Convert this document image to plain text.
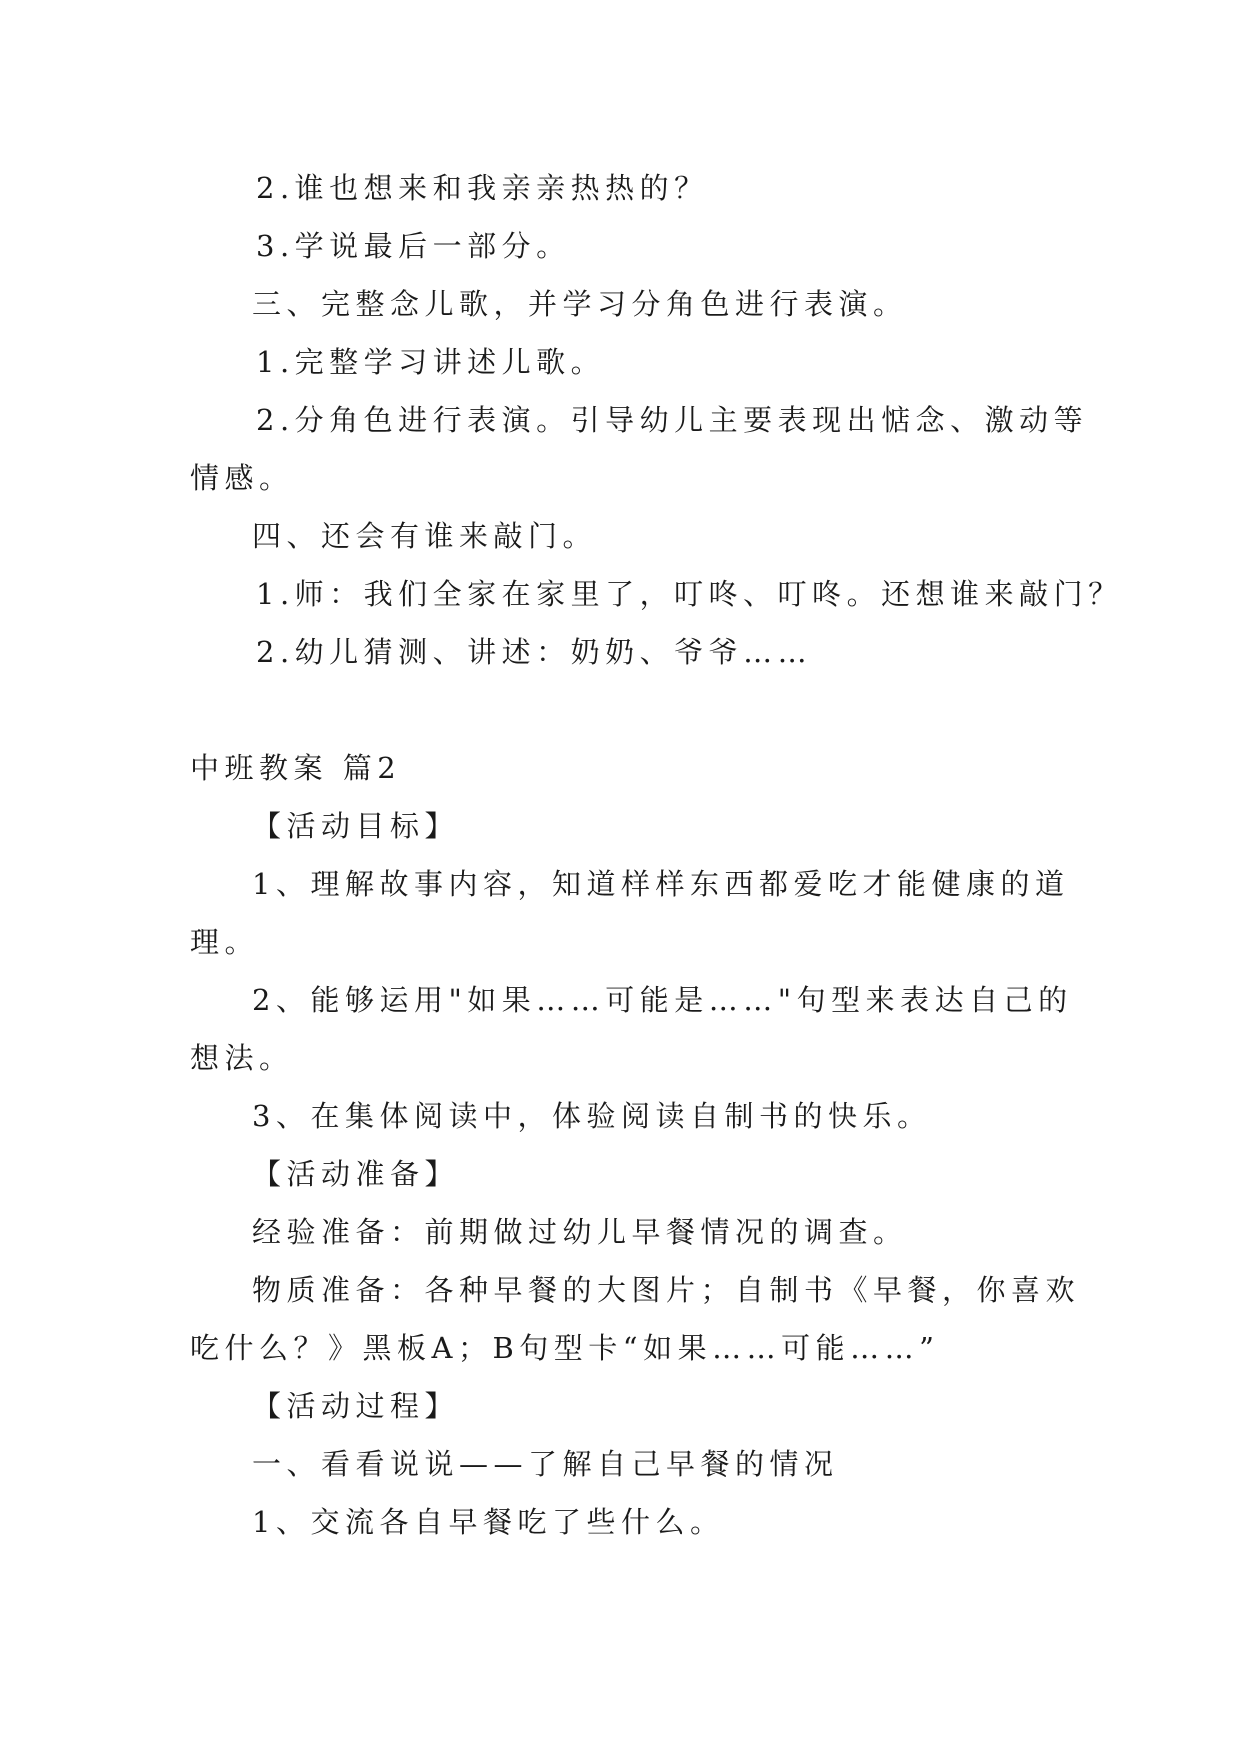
2.谁也想来和我亲亲热热的？
3.学说最后一部分。
三、完整念儿歌，并学习分角色进行表演。
1.完整学习讲述儿歌。
2.分角色进行表演。引导幼儿主要表现出惦念、激动等
情感。
四、还会有谁来敲门。
1.师：我们全家在家里了，叮咚、叮咚。还想谁来敲门？
2.幼儿猜测、讲述：奶奶、爷爷……
中班教案 篇2
【活动目标】
1、理解故事内容，知道样样东西都爱吃才能健康的道
理。
2、能够运用"如果……可能是……"句型来表达自己的
想法。
3、在集体阅读中，体验阅读自制书的快乐。
【活动准备】
经验准备：前期做过幼儿早餐情况的调查。
物质准备：各种早餐的大图片；自制书《早餐，你喜欢
吃什么？》黑板A；B句型卡“如果……可能……”
【活动过程】
一、看看说说——了解自己早餐的情况
1、交流各自早餐吃了些什么。
